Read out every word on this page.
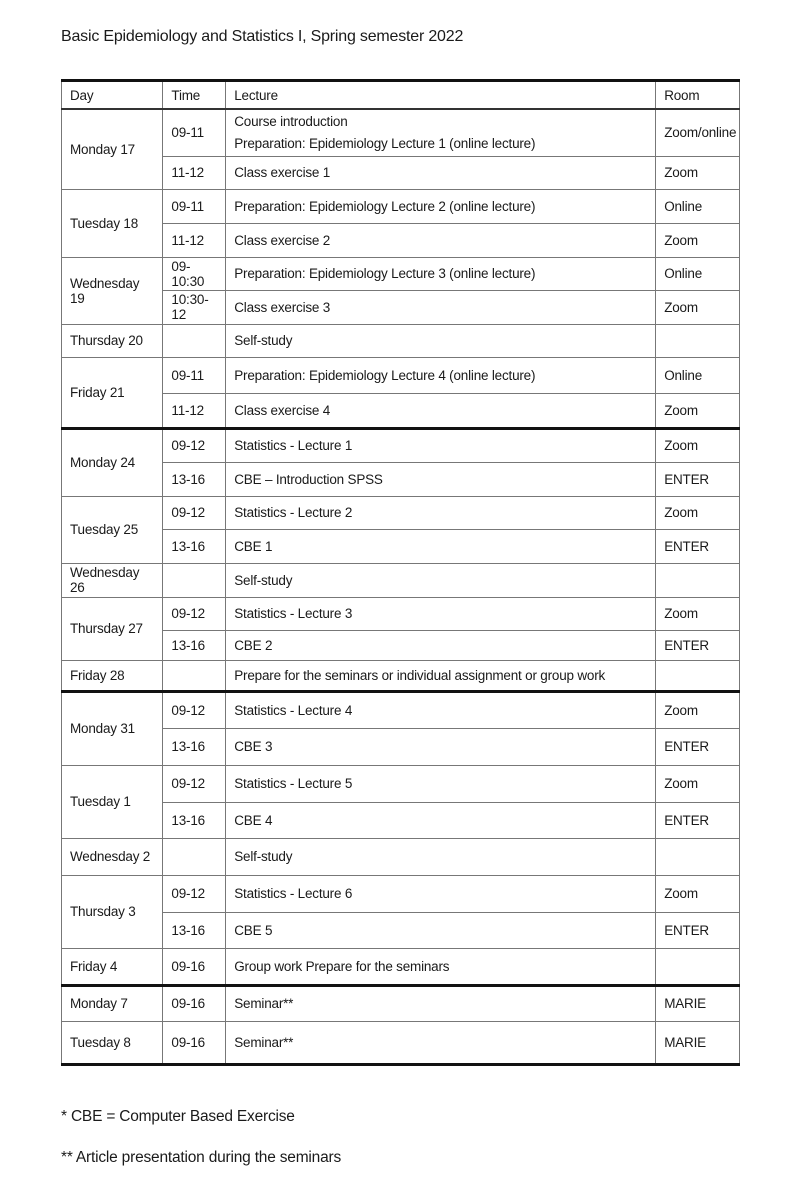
Basic Epidemiology and Statistics I, Spring semester 2022
Day	Time	Lecture	Room
Monday 17	09-11	Course introduction
Preparation: Epidemiology Lecture 1 (online lecture)	Zoom/online
	11-12	Class exercise 1	Zoom
Tuesday 18	09-11	Preparation: Epidemiology Lecture 2 (online lecture)	Online
	11-12	Class exercise 2	Zoom
Wednesday 19	09-10:30	Preparation: Epidemiology Lecture 3 (online lecture)	Online
	10:30-12	Class exercise 3	Zoom
Thursday 20		Self-study	
Friday 21	09-11	Preparation: Epidemiology Lecture 4 (online lecture)	Online
	11-12	Class exercise 4	Zoom
Monday 24	09-12	Statistics - Lecture 1	Zoom
	13-16	CBE – Introduction SPSS	ENTER
Tuesday 25	09-12	Statistics - Lecture 2	Zoom
	13-16	CBE 1	ENTER
Wednesday 26		Self-study	
Thursday 27	09-12	Statistics - Lecture 3	Zoom
	13-16	CBE 2	ENTER
Friday 28		Prepare for the seminars or individual assignment or group work	
Monday 31	09-12	Statistics - Lecture 4	Zoom
	13-16	CBE 3	ENTER
Tuesday 1	09-12	Statistics - Lecture 5	Zoom
	13-16	CBE 4	ENTER
Wednesday 2		Self-study	
Thursday 3	09-12	Statistics - Lecture 6	Zoom
	13-16	CBE 5	ENTER
Friday 4	09-16	Group work Prepare for the seminars	
Monday 7	09-16	Seminar**	MARIE
Tuesday 8	09-16	Seminar**	MARIE
* CBE = Computer Based Exercise
** Article presentation during the seminars
